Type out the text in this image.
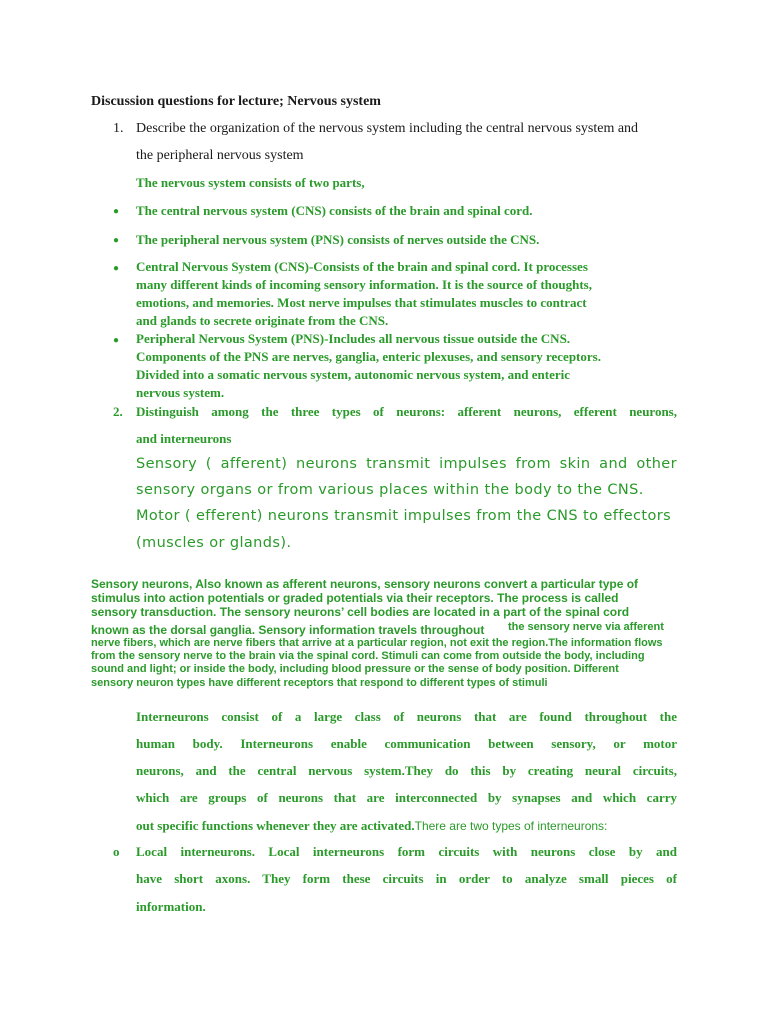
Discussion questions for lecture; Nervous system
1. Describe the organization of the nervous system including the central nervous system and
the peripheral nervous system
The nervous system consists of two parts,
● The central nervous system (CNS) consists of the brain and spinal cord.
● The peripheral nervous system (PNS) consists of nerves outside the CNS.
● Central Nervous System (CNS)-Consists of the brain and spinal cord. It processes
many different kinds of incoming sensory information. It is the source of thoughts,
emotions, and memories. Most nerve impulses that stimulates muscles to contract
and glands to secrete originate from the CNS.
● Peripheral Nervous System (PNS)-Includes all nervous tissue outside the CNS.
Components of the PNS are nerves, ganglia, enteric plexuses, and sensory receptors.
Divided into a somatic nervous system, autonomic nervous system, and enteric
nervous system.
2. Distinguish among the three types of neurons: afferent neurons, efferent neurons,
and interneurons
Sensory ( afferent) neurons transmit impulses from skin and other
sensory organs or from various places within the body to the CNS.
Motor ( efferent) neurons transmit impulses from the CNS to effectors
(muscles or glands).
Sensory neurons, Also known as afferent neurons, sensory neurons convert a particular type of
stimulus into action potentials or graded potentials via their receptors. The process is called
sensory transduction. The sensory neurons’ cell bodies are located in a part of the spinal cord
known as the dorsal ganglia. Sensory information travels throughout the sensory nerve via afferent
nerve fibers, which are nerve fibers that arrive at a particular region, not exit the region.The information flows
from the sensory nerve to the brain via the spinal cord. Stimuli can come from outside the body, including
sound and light; or inside the body, including blood pressure or the sense of body position. Different
sensory neuron types have different receptors that respond to different types of stimuli
Interneurons consist of a large class of neurons that are found throughout the
human body. Interneurons enable communication between sensory, or motor
neurons, and the central nervous system.They do this by creating neural circuits,
which are groups of neurons that are interconnected by synapses and which carry
out specific functions whenever they are activated.There are two types of interneurons:
o Local interneurons. Local interneurons form circuits with neurons close by and
have short axons. They form these circuits in order to analyze small pieces of
information.
